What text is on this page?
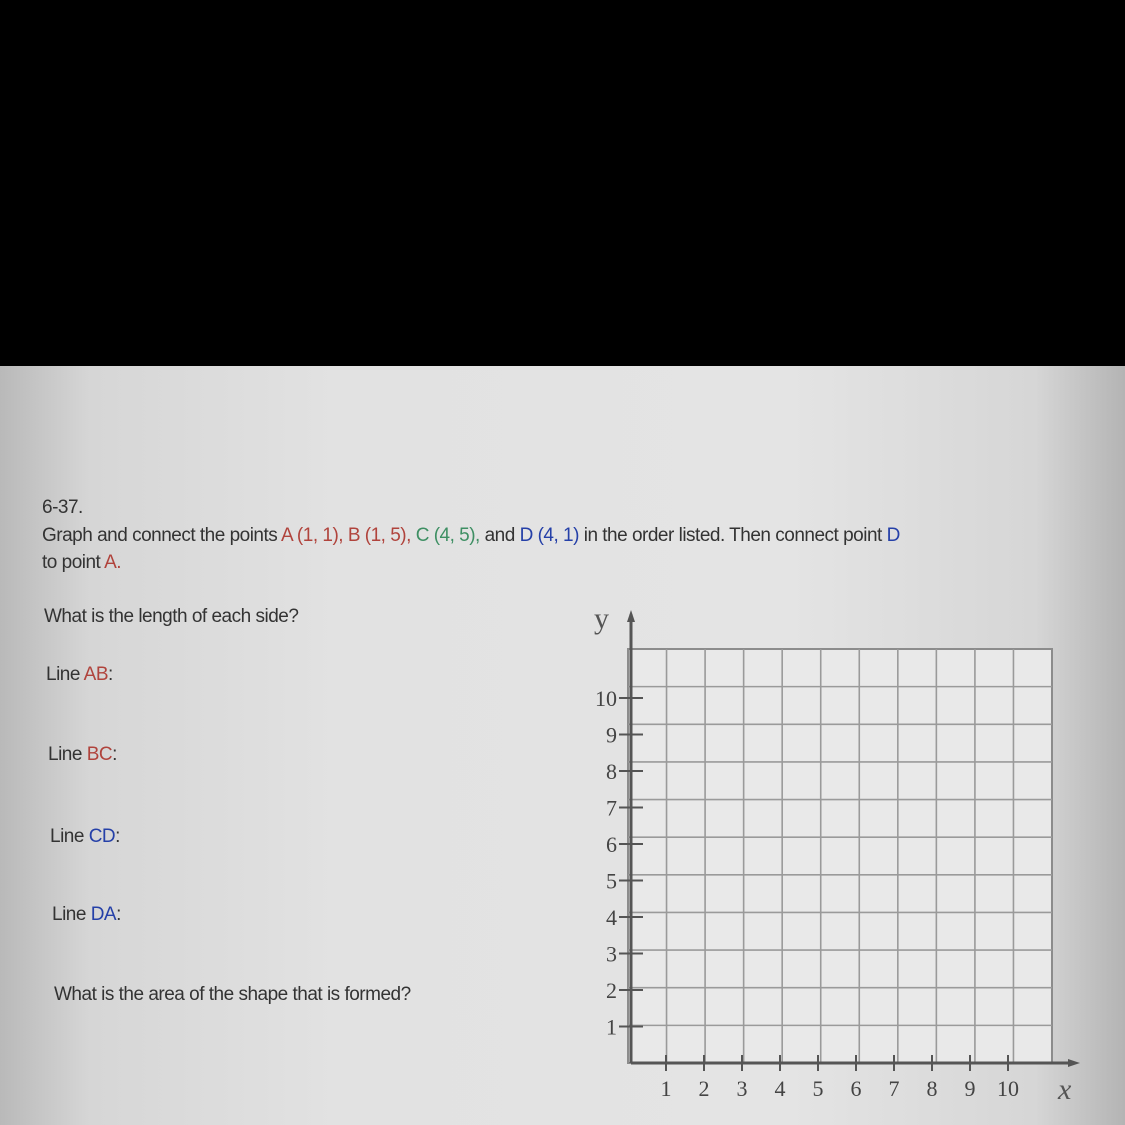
6-37.
Graph and connect the points A (1, 1), B (1, 5), C (4, 5), and D (4, 1) in the order listed. Then connect point D
to point A.
What is the length of each side?
Line AB:
Line BC:
Line CD:
Line DA:
What is the area of the shape that is formed?
1
2
3
4
5
6
7
8
9
10
1 2 3 4 5 6 7 8 9 10
y
x
